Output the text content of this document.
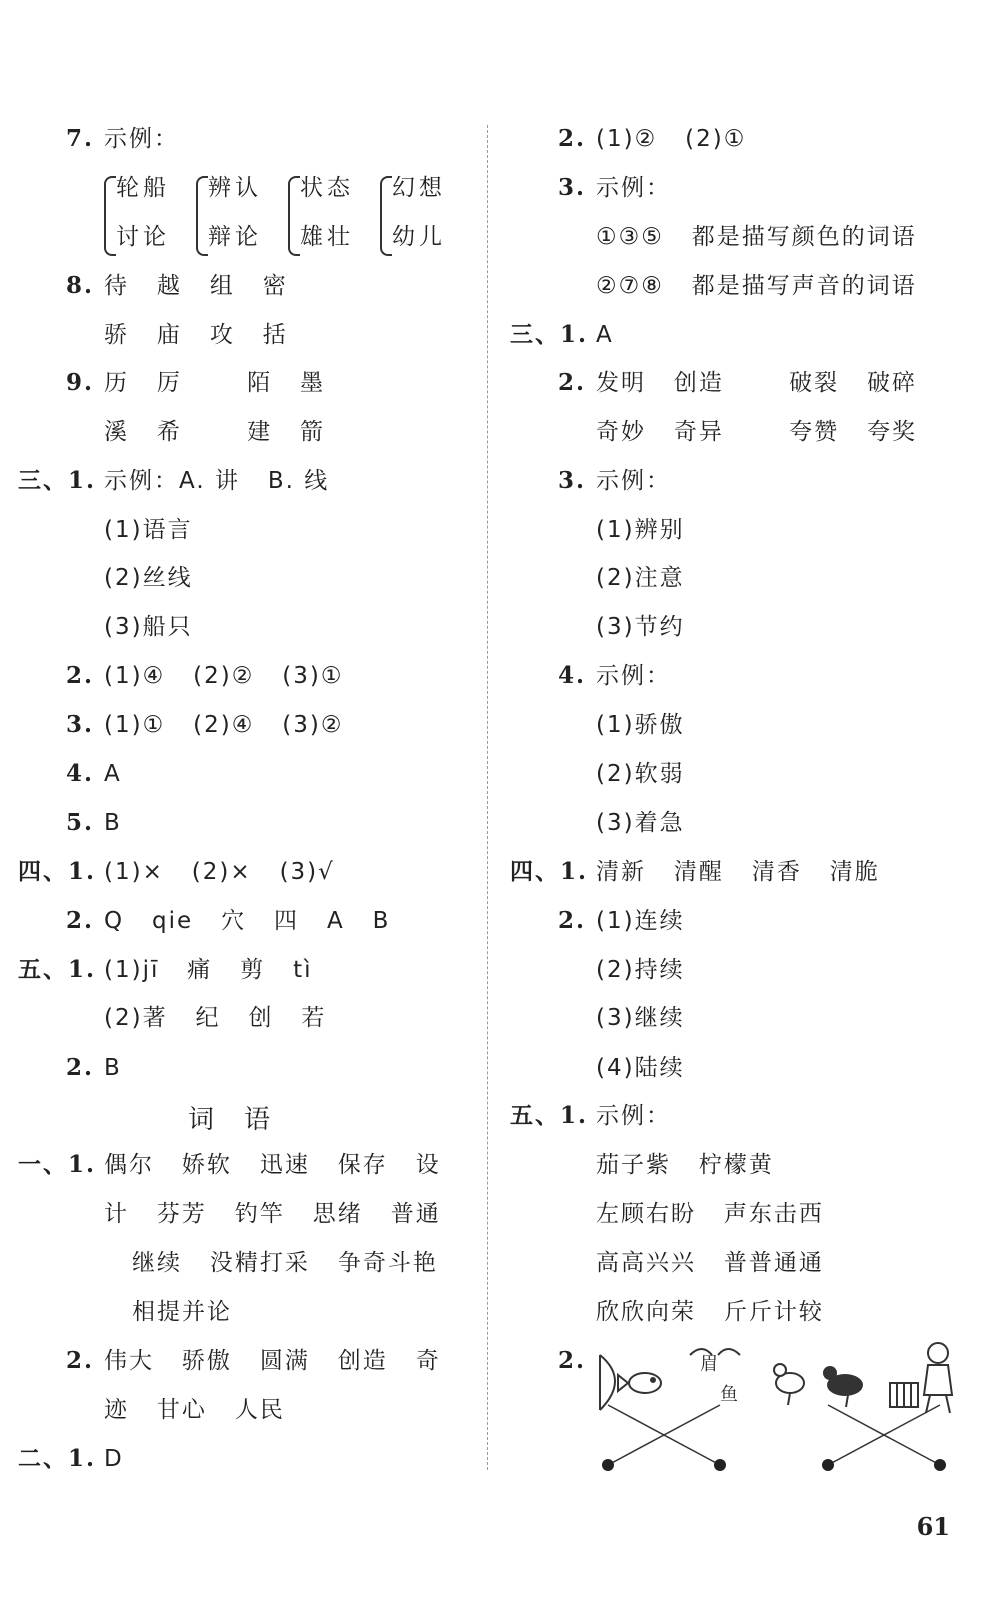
7. 示例：
轮船
讨论
辨认
辩论
状态
雄壮
幻想
幼儿
8. 待   越   组   密
骄   庙   攻   括
9. 历   厉       陌   墨
溪   希       建   箭
三、1. 示例：A. 讲   B. 线
(1)语言
(2)丝线
(3)船只
2. (1)④   (2)②   (3)①
3. (1)①   (2)④   (3)②
4. A
5. B
四、1. (1)×   (2)×   (3)√
2. Q   qie   穴   四   A   B
五、1. (1)jī   痛   剪   tì
(2)著   纪   创   若
2. B
词语
一、1. 偶尔   娇软   迅速   保存   设
计   芬芳   钓竿   思绪   普通
继续   没精打采   争奇斗艳
相提并论
2. 伟大   骄傲   圆满   创造   奇
迹   甘心   人民
二、1. D
2. (1)②   (2)①
3. 示例：
①③⑤   都是描写颜色的词语
②⑦⑧   都是描写声音的词语
三、1. A
2. 发明   创造       破裂   破碎
奇妙   奇异       夸赞   夸奖
3. 示例：
(1)辨别
(2)注意
(3)节约
4. 示例：
(1)骄傲
(2)软弱
(3)着急
四、1. 清新   清醒   清香   清脆
2. (1)连续
(2)持续
(3)继续
(4)陆续
五、1. 示例：
茄子紫   柠檬黄
左顾右盼   声东击西
高高兴兴   普普通通
欣欣向荣   斤斤计较
2.	眉
鱼
61
